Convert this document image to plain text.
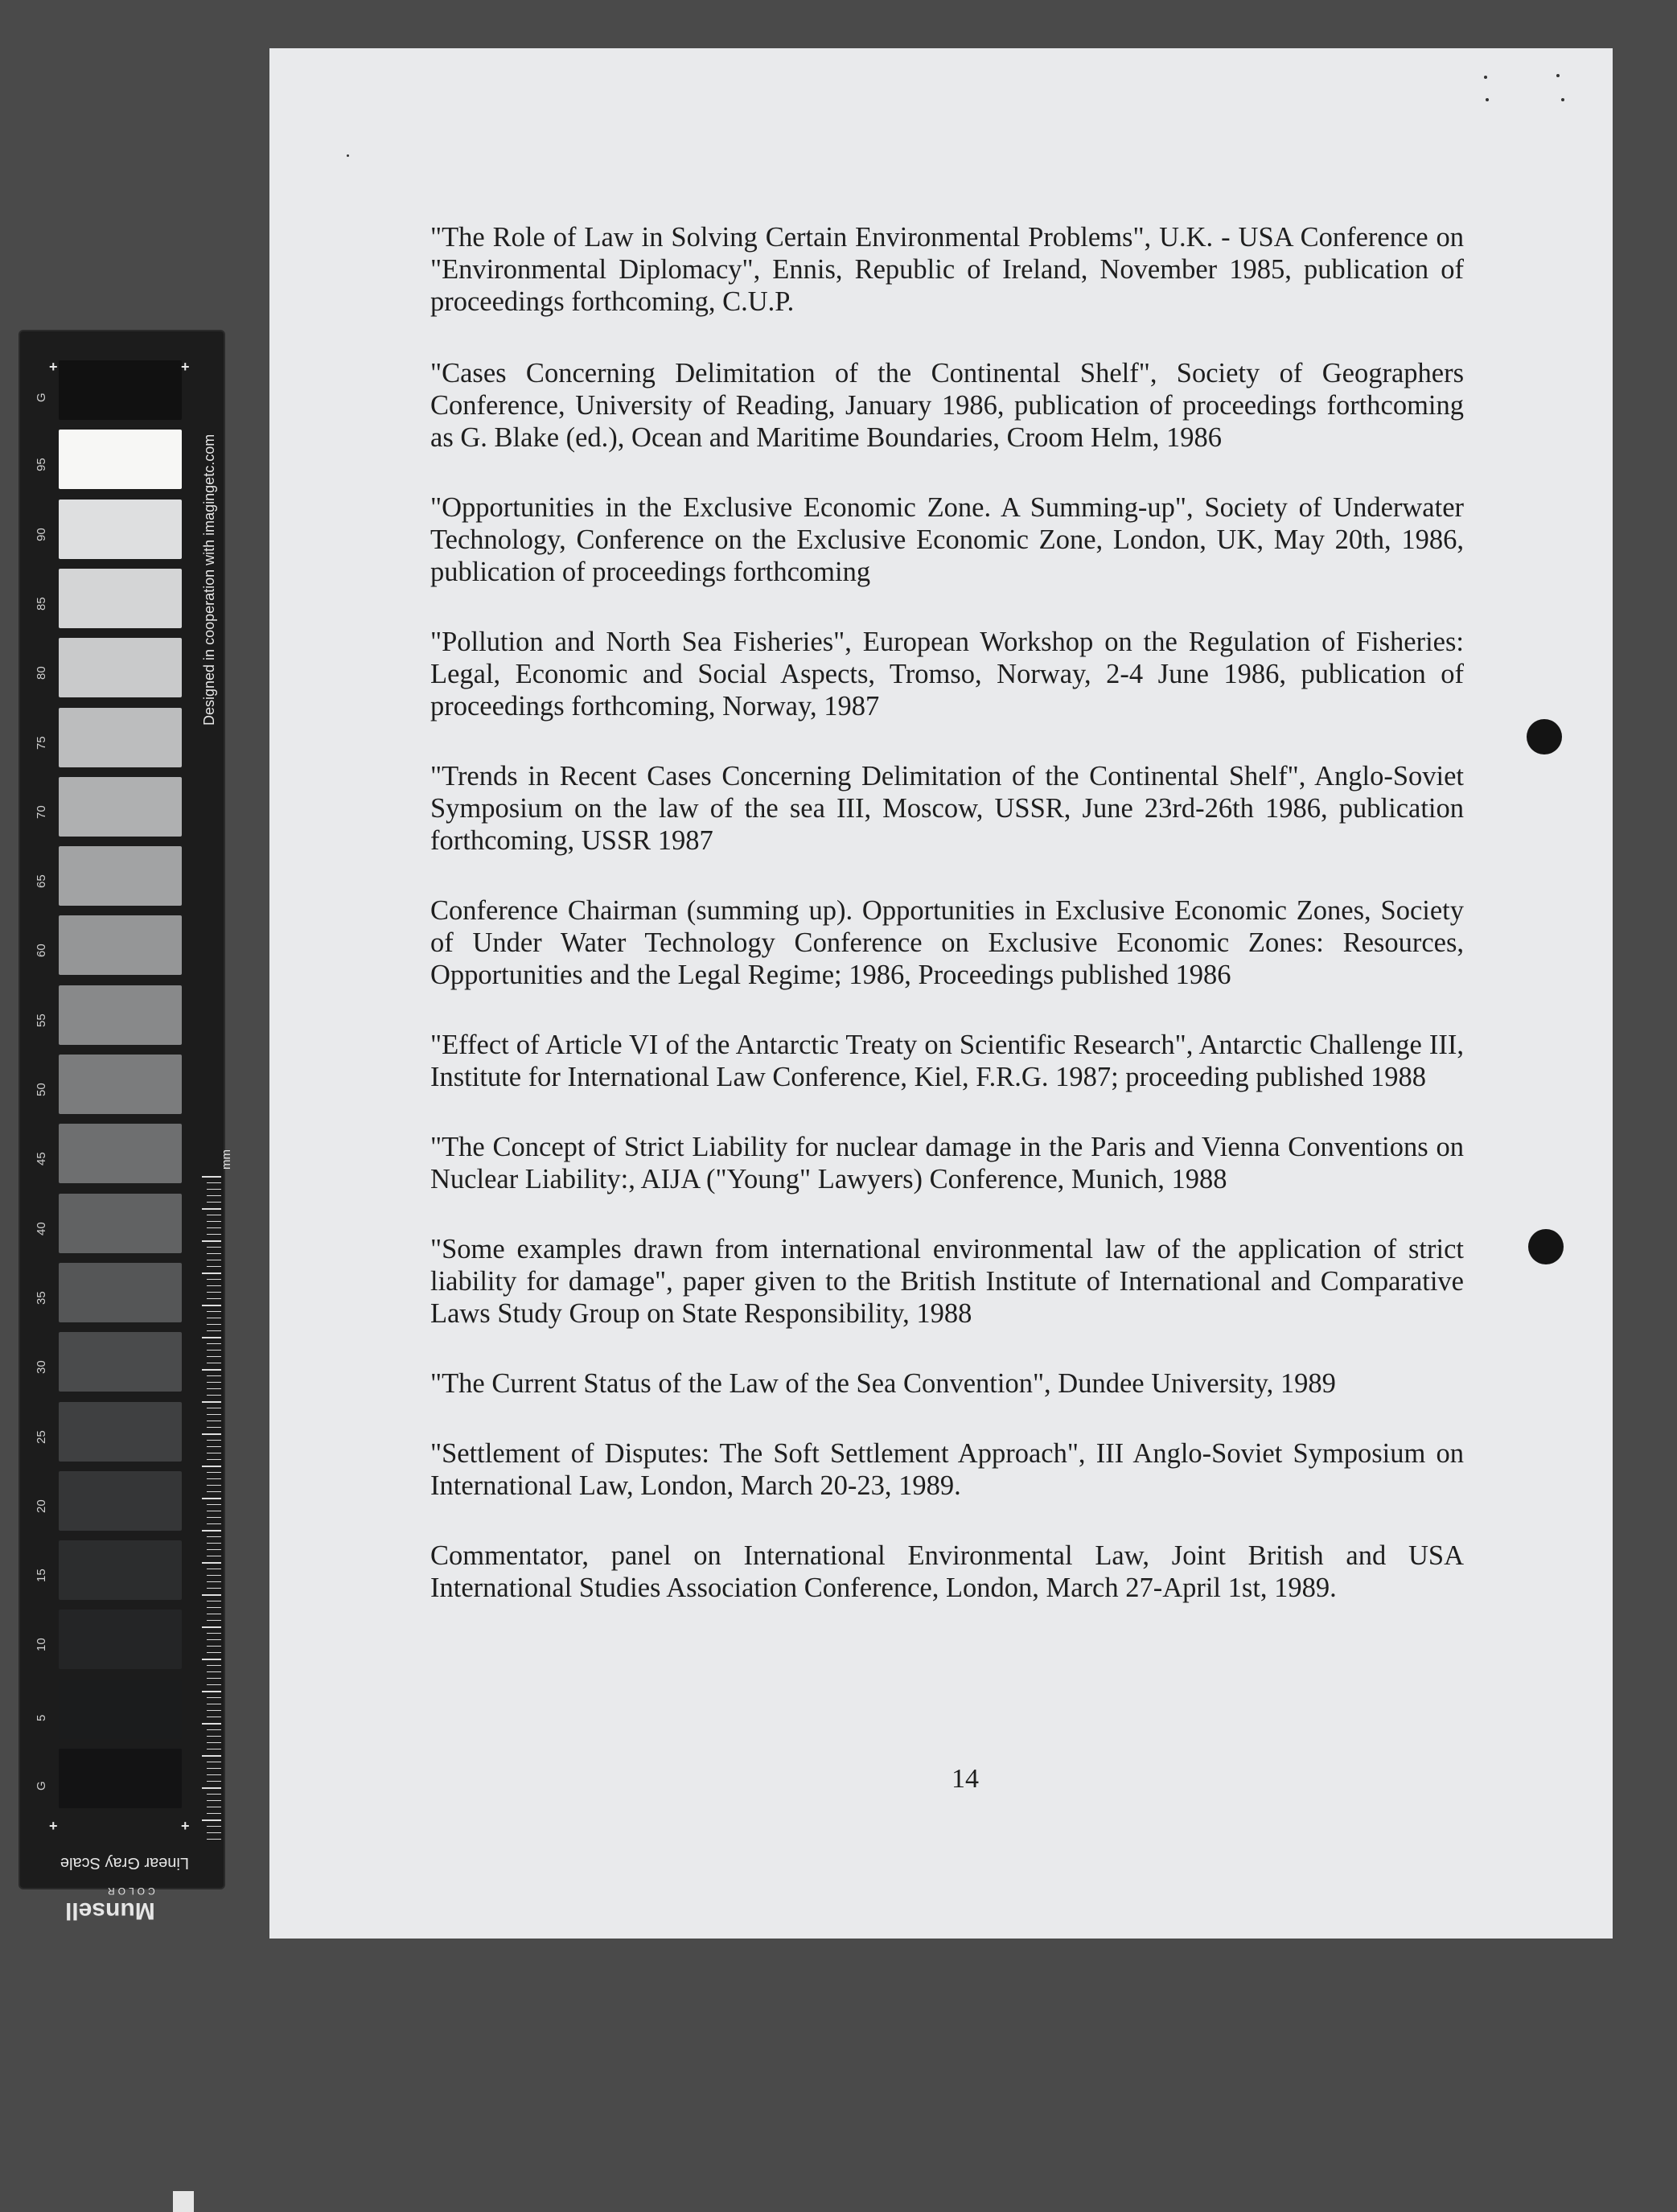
G
95
90
85
80
75
70
65
60
55
50
45
40
35
30
25
20
15
10
5
G
+	+
+	+
Designed in cooperation with imagingetc.com
mm
Linear Gray Scale
Munsell
COLOR

"The Role of Law in Solving Certain Environmental Problems", U.K. - USA Conference on "Environmental Diplomacy", Ennis, Republic of Ireland, November 1985, publication of proceedings forthcoming, C.U.P.

"Cases Concerning Delimitation of the Continental Shelf", Society of Geographers Conference, University of Reading, January 1986, publication of proceedings forthcoming as G. Blake (ed.), Ocean and Maritime Boundaries, Croom Helm, 1986

"Opportunities in the Exclusive Economic Zone. A Summing-up", Society of Underwater Technology, Conference on the Exclusive Economic Zone, London, UK, May 20th, 1986, publication of proceedings forthcoming

"Pollution and North Sea Fisheries", European Workshop on the Regulation of Fisheries: Legal, Economic and Social Aspects, Tromso, Norway, 2-4 June 1986, publication of proceedings forthcoming, Norway, 1987

"Trends in Recent Cases Concerning Delimitation of the Continental Shelf", Anglo-Soviet Symposium on the law of the sea III, Moscow, USSR, June 23rd-26th 1986, publication forthcoming, USSR 1987

Conference Chairman (summing up). Opportunities in Exclusive Economic Zones, Society of Under Water Technology Conference on Exclusive Economic Zones: Resources, Opportunities and the Legal Regime; 1986, Proceedings published 1986

"Effect of Article VI of the Antarctic Treaty on Scientific Research", Antarctic Challenge III, Institute for International Law Conference, Kiel, F.R.G. 1987; proceeding published 1988

"The Concept of Strict Liability for nuclear damage in the Paris and Vienna Conventions on Nuclear Liability:, AIJA ("Young" Lawyers) Conference, Munich, 1988

"Some examples drawn from international environmental law of the application of strict liability for damage", paper given to the British Institute of International and Comparative Laws Study Group on State Responsibility, 1988

"The Current Status of the Law of the Sea Convention", Dundee University, 1989

"Settlement of Disputes: The Soft Settlement Approach", III Anglo-Soviet Symposium on International Law, London, March 20-23, 1989.

Commentator, panel on International Environmental Law, Joint British and USA International Studies Association Conference, London, March 27-April 1st, 1989.

14
